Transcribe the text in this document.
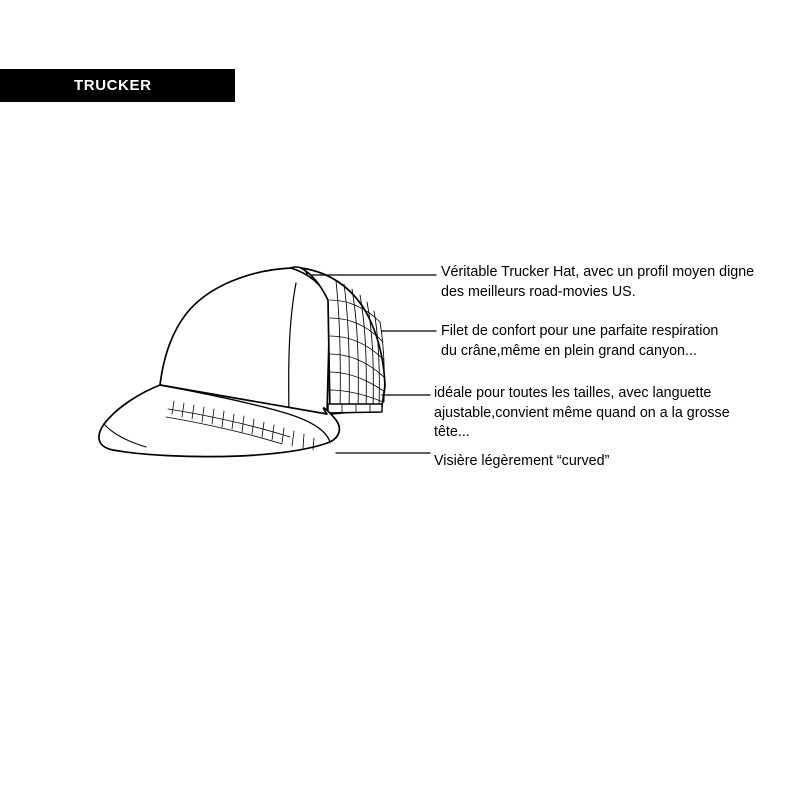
TRUCKER
Véritable Trucker Hat, avec un profil moyen digne des meilleurs road-movies US.
Filet de confort pour une parfaite respiration du crâne,même en plein grand canyon...
idéale pour toutes les tailles, avec languette ajustable,convient même quand on a la grosse tête...
Visière légèrement “curved”
